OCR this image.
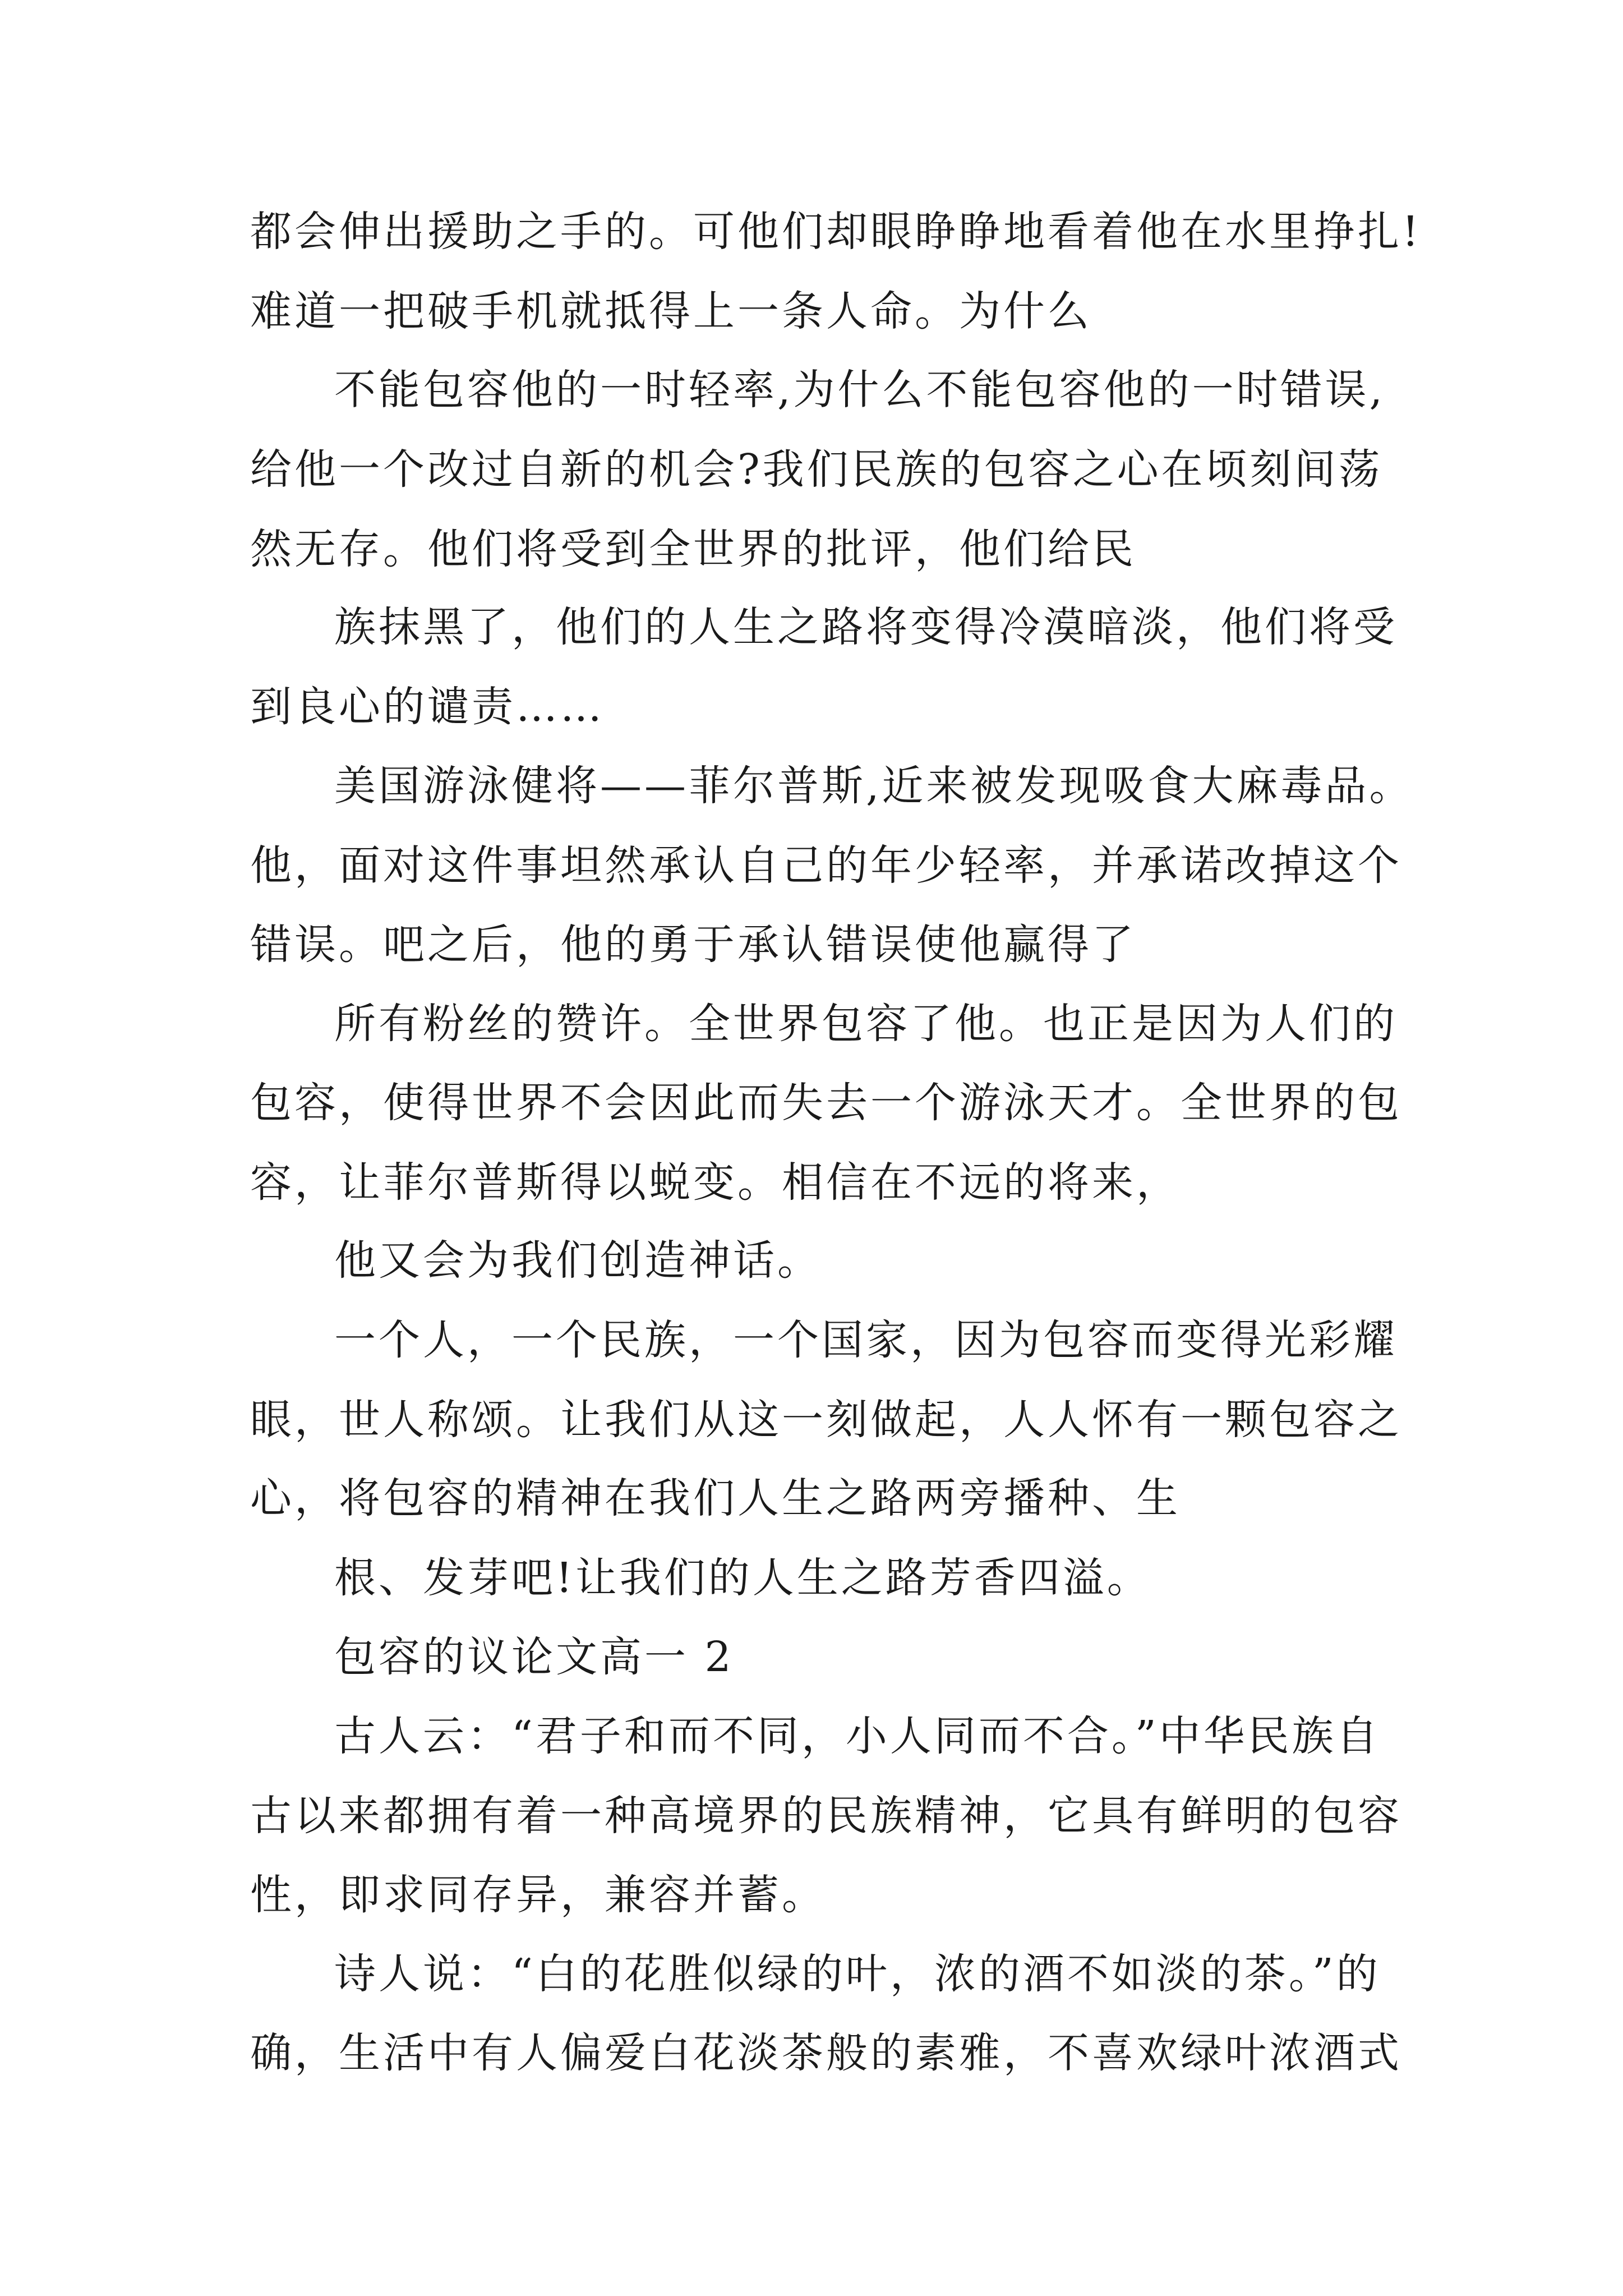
都会伸出援助之手的。可他们却眼睁睁地看着他在水里挣扎!
难道一把破手机就抵得上一条人命。为什么
不能包容他的一时轻率,为什么不能包容他的一时错误,
给他一个改过自新的机会?我们民族的包容之心在顷刻间荡
然无存。他们将受到全世界的批评，他们给民
族抹黑了，他们的人生之路将变得冷漠暗淡，他们将受
到良心的谴责……
美国游泳健将——菲尔普斯,近来被发现吸食大麻毒品。
他，面对这件事坦然承认自己的年少轻率，并承诺改掉这个
错误。吧之后，他的勇于承认错误使他赢得了
所有粉丝的赞许。全世界包容了他。也正是因为人们的
包容，使得世界不会因此而失去一个游泳天才。全世界的包
容，让菲尔普斯得以蜕变。相信在不远的将来，
他又会为我们创造神话。
一个人，一个民族，一个国家，因为包容而变得光彩耀
眼，世人称颂。让我们从这一刻做起，人人怀有一颗包容之
心，将包容的精神在我们人生之路两旁播种、生
根、发芽吧!让我们的人生之路芳香四溢。
包容的议论文高一 2
古人云：“君子和而不同，小人同而不合。”中华民族自
古以来都拥有着一种高境界的民族精神，它具有鲜明的包容
性，即求同存异，兼容并蓄。
诗人说：“白的花胜似绿的叶，浓的酒不如淡的茶。”的
确，生活中有人偏爱白花淡茶般的素雅，不喜欢绿叶浓酒式
